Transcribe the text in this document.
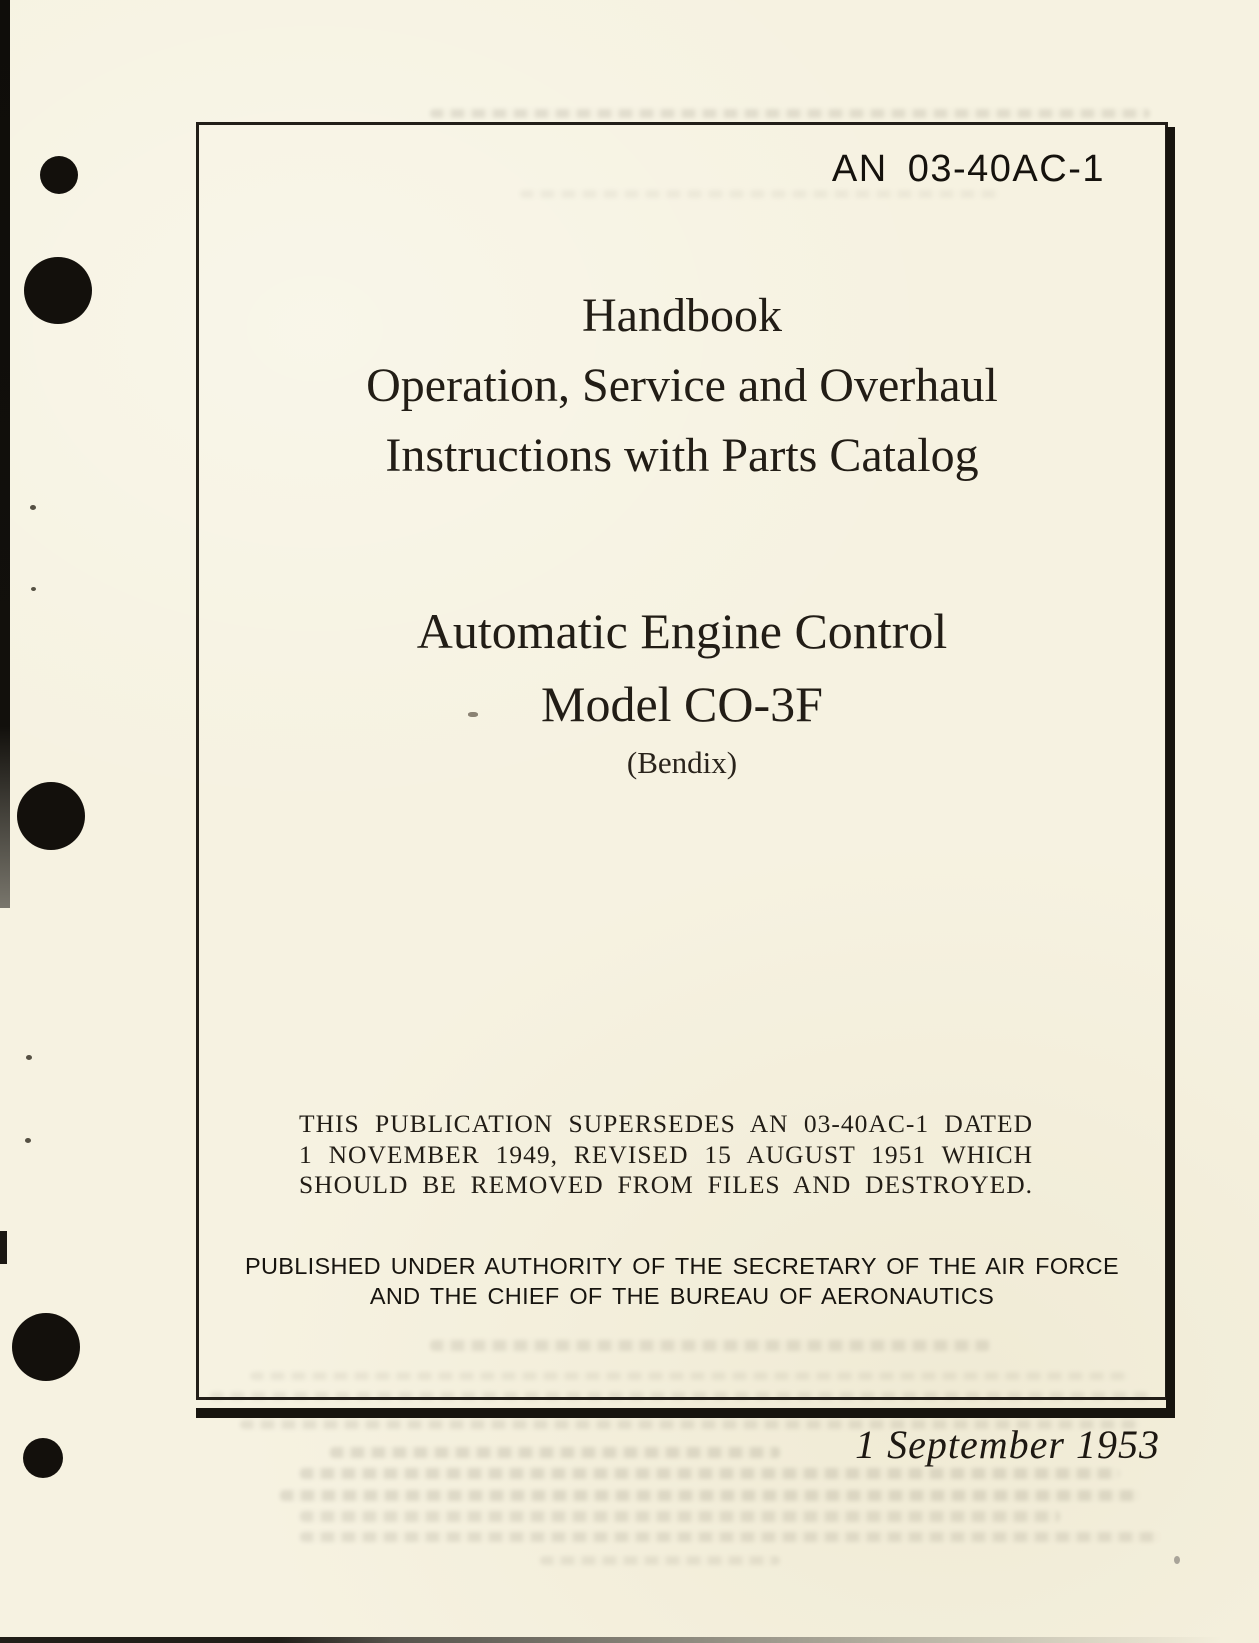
AN 03-40AC-1
Handbook
Operation, Service and Overhaul
Instructions with Parts Catalog
Automatic Engine Control
Model CO-3F
(Bendix)
THIS PUBLICATION SUPERSEDES AN 03-40AC-1 DATED
1 NOVEMBER 1949, REVISED 15 AUGUST 1951 WHICH
SHOULD BE REMOVED FROM FILES AND DESTROYED.
PUBLISHED UNDER AUTHORITY OF THE SECRETARY OF THE AIR FORCE
AND THE CHIEF OF THE BUREAU OF AERONAUTICS
1 September 1953
